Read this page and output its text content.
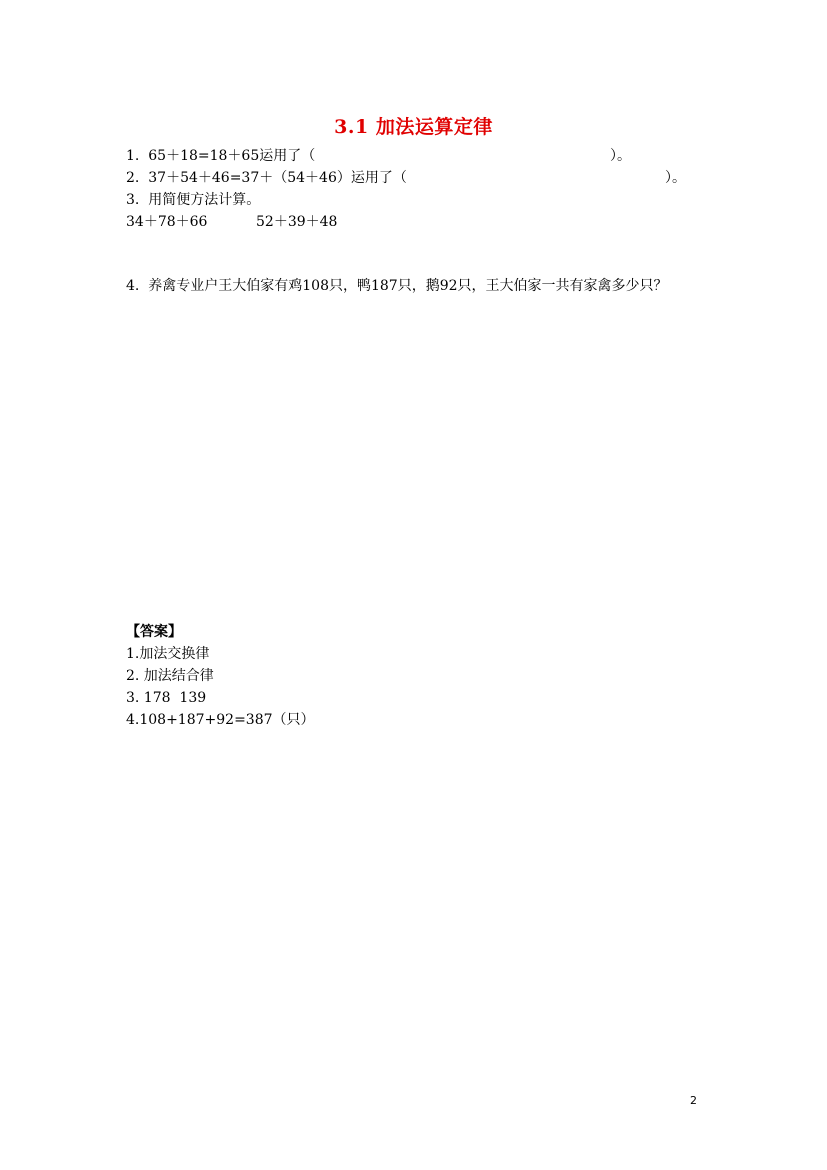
3.1 加法运算定律
1.  65＋18=18＋65运用了（	）。
2.  37＋54＋46=37＋（54＋46）运用了（	）。
3.  用简便方法计算。
34＋78＋66	52＋39＋48
4.  养禽专业户王大伯家有鸡108只，鸭187只，鹅92只，王大伯家一共有家禽多少只？
【答案】
1.加法交换律
2. 加法结合律
3. 178  139
4.108+187+92=387（只）
2
